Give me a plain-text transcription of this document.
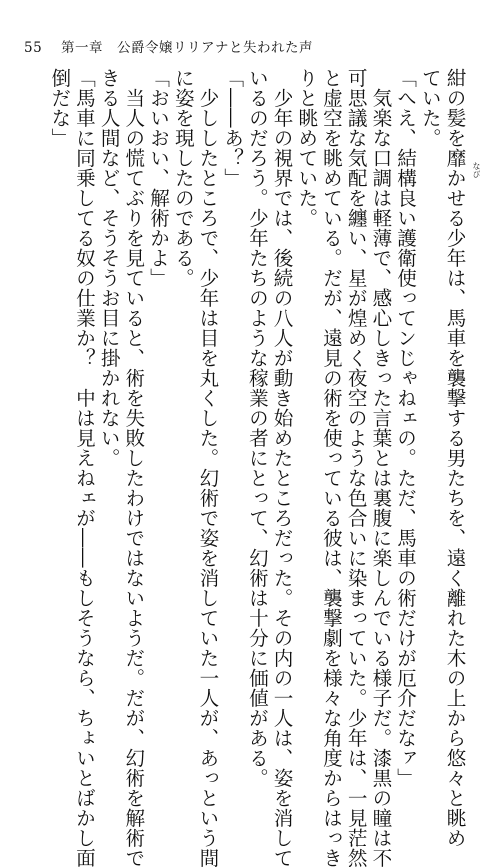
55 第一章　公爵令嬢リリアナと失われた声
紺の髪を靡かせる少年は、馬車を襲撃する男たちを、遠く離れた木の上から悠々と眺め
ていた。
「へえ、結構良い護衛使ってンじゃねェの。ただ、馬車の術だけが厄介だなァ」
　気楽な口調は軽薄で、感心しきった言葉とは裏腹に楽しんでいる様子だ。漆黒の瞳は不
可思議な気配を纏い、星が煌めく夜空のような色合いに染まっていた。少年は、一見茫然
と虚空を眺めている。だが、遠見の術を使っている彼は、襲撃劇を様々な角度からはっき
りと眺めていた。
　少年の視界では、後続の八人が動き始めたところだった。その内の一人は、姿を消して
いるのだろう。少年たちのような稼業の者にとって、幻術は十分に価値がある。
「――あ？」
　少ししたところで、少年は目を丸くした。幻術で姿を消していた一人が、あっという間
に姿を現したのである。
「おいおい、解術かよ」
　当人の慌てぶりを見ていると、術を失敗したわけではないようだ。だが、幻術を解術で
きる人間など、そうそうお目に掛かれない。
「馬車に同乗してる奴の仕業か？　中は見えねェが――もしそうなら、ちょいとばかし面
倒だな」
なび
